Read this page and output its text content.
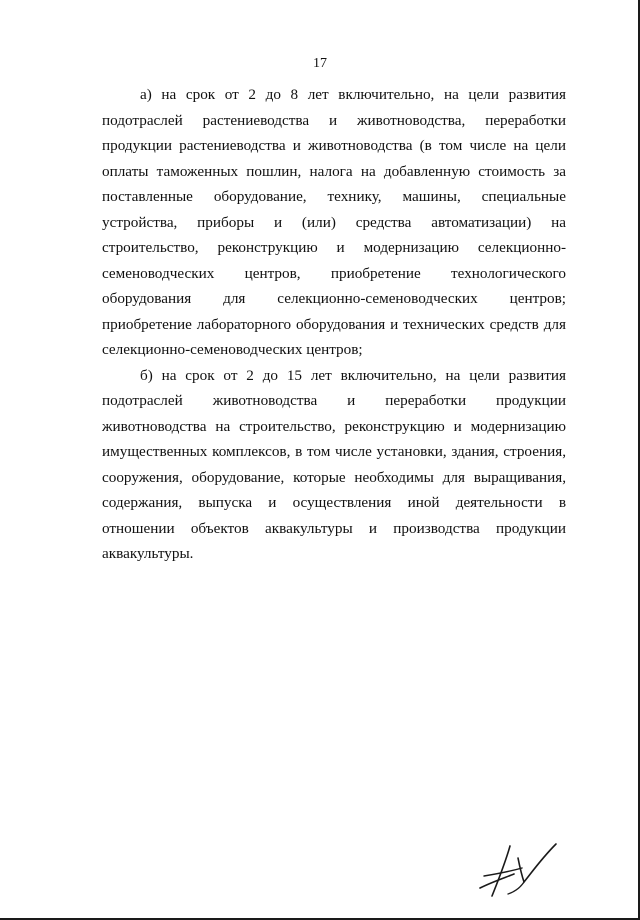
17

а) на срок от 2 до 8 лет включительно, на цели развития подотраслей растениеводства и животноводства, переработки продукции растениеводства и животноводства (в том числе на цели оплаты таможенных пошлин, налога на добавленную стоимость за поставленные оборудование, технику, машины, специальные устройства, приборы и (или) средства автоматизации) на строительство, реконструкцию и модернизацию селекционно-семеноводческих центров, приобретение технологического оборудования для селекционно-семеноводческих центров; приобретение лабораторного оборудования и технических средств для селекционно-семеноводческих центров;

б) на срок от 2 до 15 лет включительно, на цели развития подотраслей животноводства и переработки продукции животноводства на строительство, реконструкцию и модернизацию имущественных комплексов, в том числе установки, здания, строения, сооружения, оборудование, которые необходимы для выращивания, содержания, выпуска и осуществления иной деятельности в отношении объектов аквакультуры и производства продукции аквакультуры.
